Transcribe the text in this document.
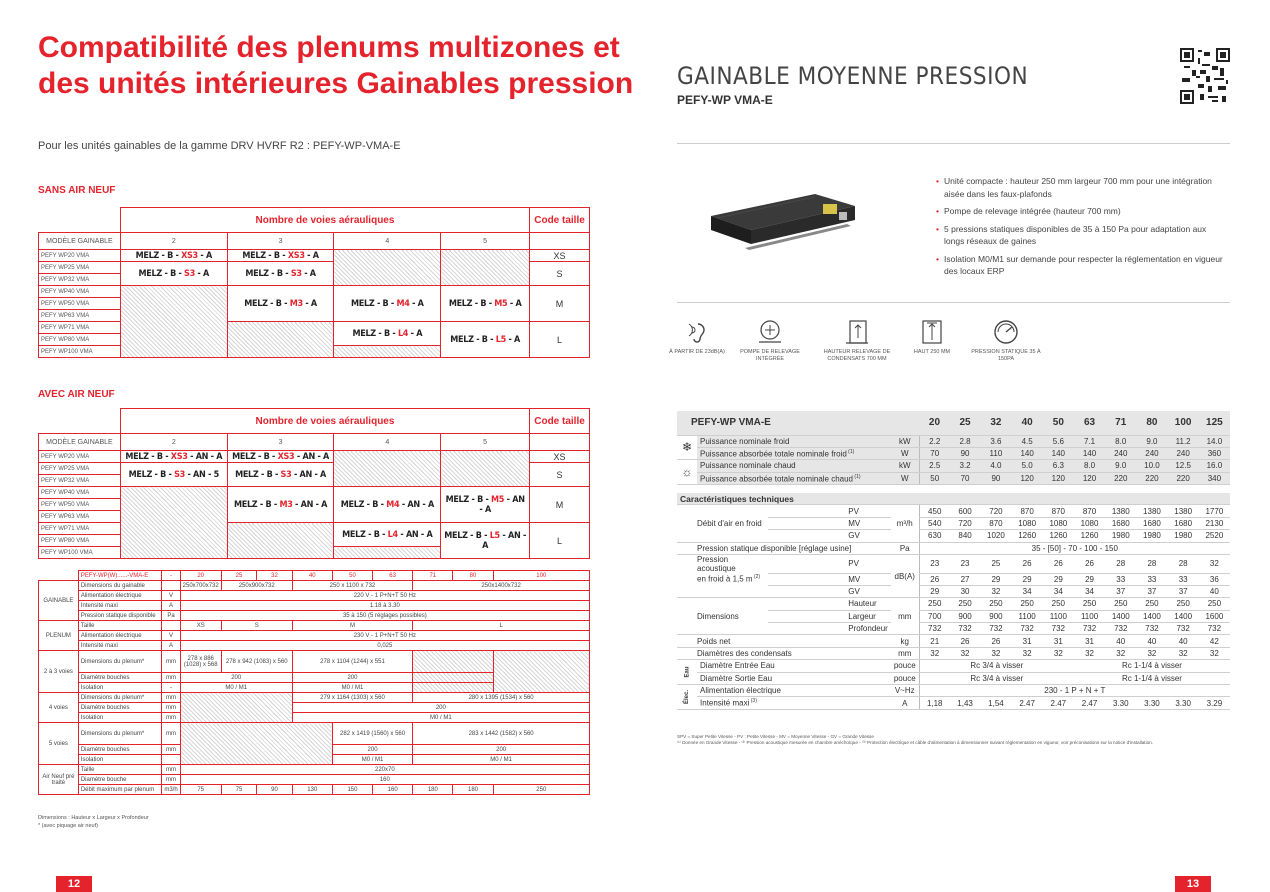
Compatibilité des plenums multizones et des unités intérieures Gainables pression
Pour les unités gainables de la gamme DRV HVRF R2 : PEFY-WP-VMA-E
SANS AIR NEUF
	Nombre de voies aérauliques				Code taille
MODÈLE GAINABLE	2	3	4	5	
PEFY WP20 VMA	MELZ - B - XS3 - A	MELZ - B - XS3 - A			XS
PEFY WP25 VMA	MELZ - B - S3 - A	MELZ - B - S3 - A			S
PEFY WP32 VMA					
PEFY WP40 VMA		MELZ - B - M3 - A	MELZ - B - M4 - A	MELZ - B - M5 - A	M
PEFY WP50 VMA					
PEFY WP63 VMA					
PEFY WP71 VMA			MELZ - B - L4 - A	MELZ - B - L5 - A	L
PEFY WP80 VMA					
PEFY WP100 VMA					
AVEC AIR NEUF
	Nombre de voies aérauliques				Code taille
MODÈLE GAINABLE	2	3	4	5	
PEFY WP20 VMA	MELZ - B - XS3 - AN - A	MELZ - B - XS3 - AN - A			XS
PEFY WP25 VMA	MELZ - B - S3 - AN - 5	MELZ - B - S3 - AN - A			S
PEFY WP32 VMA					
PEFY WP40 VMA		MELZ - B - M3 - AN - A	MELZ - B - M4 - AN - A	MELZ - B - M5 - AN - A	M
PEFY WP50 VMA					
PEFY WP63 VMA					
PEFY WP71 VMA			MELZ - B - L4 - AN - A	MELZ - B - L5 - AN - A	L
PEFY WP80 VMA					
PEFY WP100 VMA					
	PEFY-WP(W)......-VMA-E	-	20	25	32	40	50	63	71	80	100
GAINABLE	Dimensions du gainable		250x700x732	250x900x732		250 x 1100 x 732			250x1400x732		
	Alimentation électrique	V	220 V - 1 P+N+T 50 Hz								
	Intensité maxi	A	1.18 à 3.30								
	Pression statique disponible	Pa	35 à 150 (5 réglages possibles)								
PLENUM	Taille		XS	S		M			L		
	Alimentation électrique	V	230 V - 1 P+N+T 50 Hz								
	Intensité maxi	A	0,025								
2 à 3 voies	Dimensions du plenum*	mm	278 x 886 (1028) x 568	278 x 942 (1083) x 560		278 x 1104 (1244) x 551					
	Diamètre bouches	mm	200			200					
	Isolation	-	M0 / M1			M0 / M1					
4 voies	Dimensions du plenum*	mm				279 x 1164 (1303) x 560			280 x 1395 (1534) x 560		
	Diamètre bouches	mm				200					
	Isolation	mm				M0 / M1					
5 voies	Dimensions du plenum*	mm					282 x 1419 (1560) x 560		283 x 1442 (1582) x 560		
	Diamètre bouches	mm					200		200		
	Isolation						M0 / M1		M0 / M1		
Air Neuf pré traité	Taille	mm	220x70								
	Diamètre bouche	mm	160								
	Débit maximum par plenum	m3/h	75	75	90	130	150	160	180	180	250
Dimensions : Hauteur x Largeur x Profondeur
* (avec piquage air neuf)
12
GAINABLE MOYENNE PRESSION
PEFY-WP VMA-E
• Unité compacte : hauteur 250 mm largeur 700 mm pour une intégration aisée dans les faux-plafonds
• Pompe de relevage intégrée (hauteur 700 mm)
• 5 pressions statiques disponibles de 35 à 150 Pa pour adaptation aux longs réseaux de gaines
• Isolation M0/M1 sur demande pour respecter la réglementation en vigueur des locaux ERP
À PARTIR DE 23dB(A)	POMPE DE RELEVAGE INTÉGRÉE
HAUTEUR RELEVAGE DE CONDENSATS 700 MM
HAUT 250 MM	PRESSION STATIQUE 35 À 150PA
PEFY-WP VMA-E				20	25	32	40	50	63	71	80	100	125
❄	Puissance nominale froid		kW	2.2	2.8	3.6	4.5	5.6	7.1	8.0	9.0	11.2	14.0
	Puissance absorbée totale nominale froid $^{(1)}$		W	70	90	110	140	140	140	240	240	240	360
☼	Puissance nominale chaud		kW	2.5	3.2	4.0	5.0	6.3	8.0	9.0	10.0	12.5	16.0
	Puissance absorbée totale nominale chaud $^{(1)}$		W	50	70	90	120	120	120	220	220	220	340

Caractéristiques techniques													
Débit d'air en froid		PV	m³/h	450	600	720	870	870	870	1380	1380	1380	1770
		MV		540	720	870	1080	1080	1080	1680	1680	1680	2130
		GV		630	840	1020	1260	1260	1260	1980	1980	1980	2520
Pression statique disponible [réglage usine]			Pa	35 - [50] - 70 - 100 - 150									
Pression acoustique		PV	dB(A)	23	23	25	26	26	26	28	28	28	32
en froid à 1,5 m $^{(2)}$		MV		26	27	29	29	29	29	33	33	33	36
		GV		29	30	32	34	34	34	37	37	37	40
Dimensions		Hauteur	mm	250	250	250	250	250	250	250	250	250	250
		Largeur		700	900	900	1100	1100	1100	1400	1400	1400	1600
		Profondeur		732	732	732	732	732	732	732	732	732	732
Poids net			kg	21	26	26	31	31	31	40	40	40	42
Diamètres des condensats			mm	32	32	32	32	32	32	32	32	32	32
Eau	Diamètre Entrée Eau		pouce	Rc 3/4 à visser					Rc 1-1/4 à visser				
	Diamètre Sortie Eau		pouce	Rc 3/4 à visser					Rc 1-1/4 à visser				
Élec.	Alimentation électrique		V~Hz	230 - 1 P + N + T									
	Intensité maxi $^{(3)}$		A	1,18	1,43	1,54	2.47	2.47	2.47	3.30	3.30	3.30	3.29
SPV = Super Petite Vitesse - PV : Petite Vitesse - MV = Moyenne Vitesse - GV = Grande Vitesse
⁽¹⁾ Donnée en Grande Vitesse - ⁽²⁾ Pression acoustique mesurée en chambre anéchoïque - ⁽³⁾ Protection électrique et câble d'alimentation à dimensionner suivant réglementation en vigueur, voir préconisations sur la notice d'installation.
13
